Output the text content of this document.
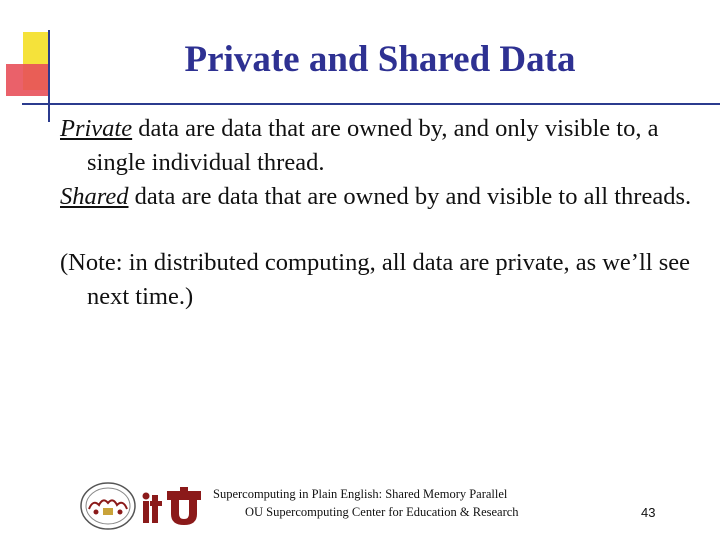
Private and Shared Data

Private data are data that are owned by, and only visible to, a single individual thread.

Shared data are data that are owned by and visible to all threads.

(Note: in distributed computing, all data are private, as we’ll see next time.)

Supercomputing in Plain English: Shared Memory Parallel
OU Supercomputing Center for Education & Research	43
